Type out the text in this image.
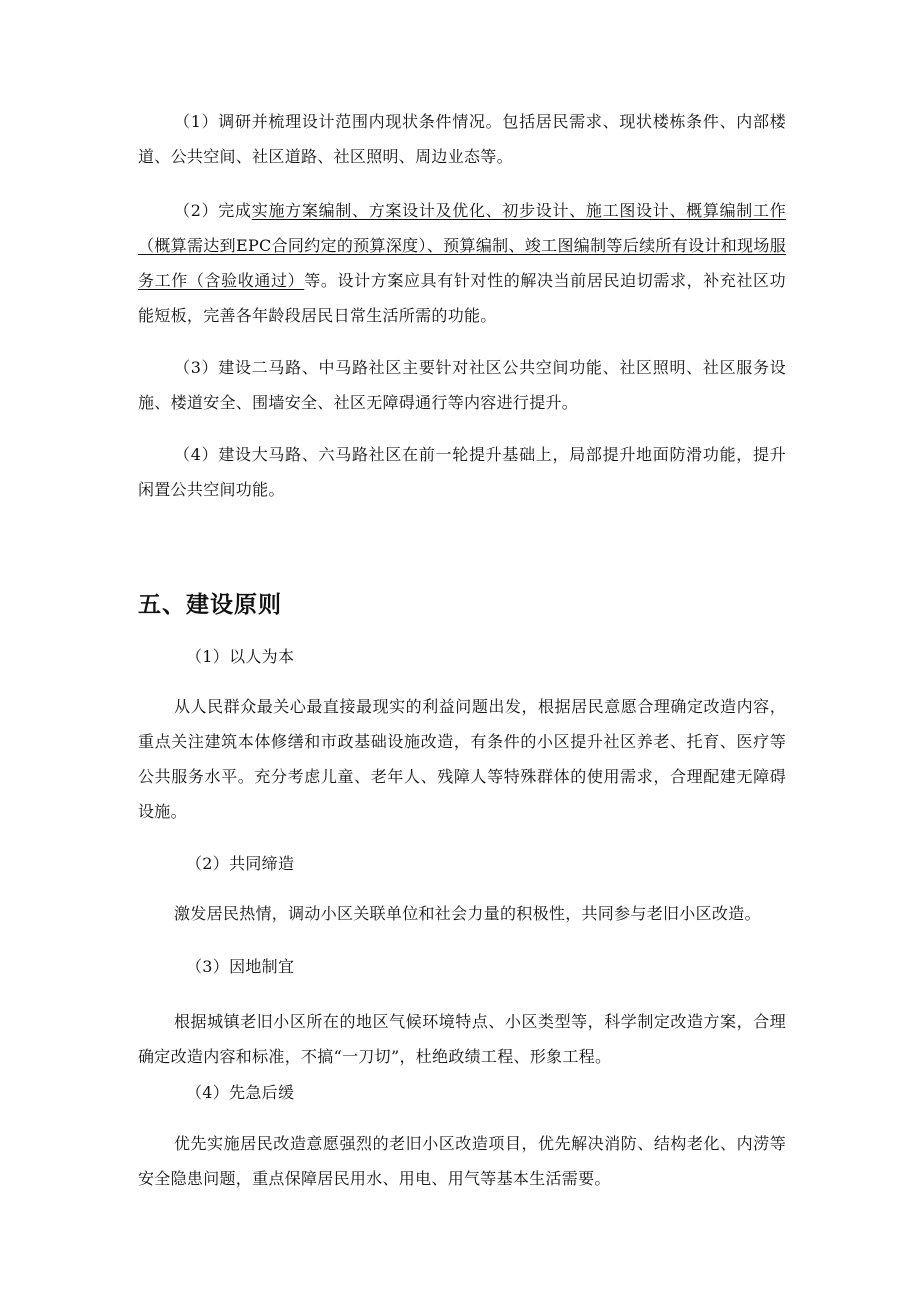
（1）调研并梳理设计范围内现状条件情况。包括居民需求、现状楼栋条件、内部楼道、公共空间、社区道路、社区照明、周边业态等。

（2）完成实施方案编制、方案设计及优化、初步设计、施工图设计、概算编制工作（概算需达到EPC合同约定的预算深度）、预算编制、竣工图编制等后续所有设计和现场服务工作（含验收通过）等。设计方案应具有针对性的解决当前居民迫切需求，补充社区功能短板，完善各年龄段居民日常生活所需的功能。

（3）建设二马路、中马路社区主要针对社区公共空间功能、社区照明、社区服务设施、楼道安全、围墙安全、社区无障碍通行等内容进行提升。

（4）建设大马路、六马路社区在前一轮提升基础上，局部提升地面防滑功能，提升闲置公共空间功能。

五、建设原则

（1）以人为本

从人民群众最关心最直接最现实的利益问题出发，根据居民意愿合理确定改造内容，重点关注建筑本体修缮和市政基础设施改造，有条件的小区提升社区养老、托育、医疗等公共服务水平。充分考虑儿童、老年人、残障人等特殊群体的使用需求，合理配建无障碍设施。

（2）共同缔造

激发居民热情，调动小区关联单位和社会力量的积极性，共同参与老旧小区改造。

（3）因地制宜

根据城镇老旧小区所在的地区气候环境特点、小区类型等，科学制定改造方案，合理确定改造内容和标准，不搞“一刀切”，杜绝政绩工程、形象工程。

（4）先急后缓

优先实施居民改造意愿强烈的老旧小区改造项目，优先解决消防、结构老化、内涝等安全隐患问题，重点保障居民用水、用电、用气等基本生活需要。
